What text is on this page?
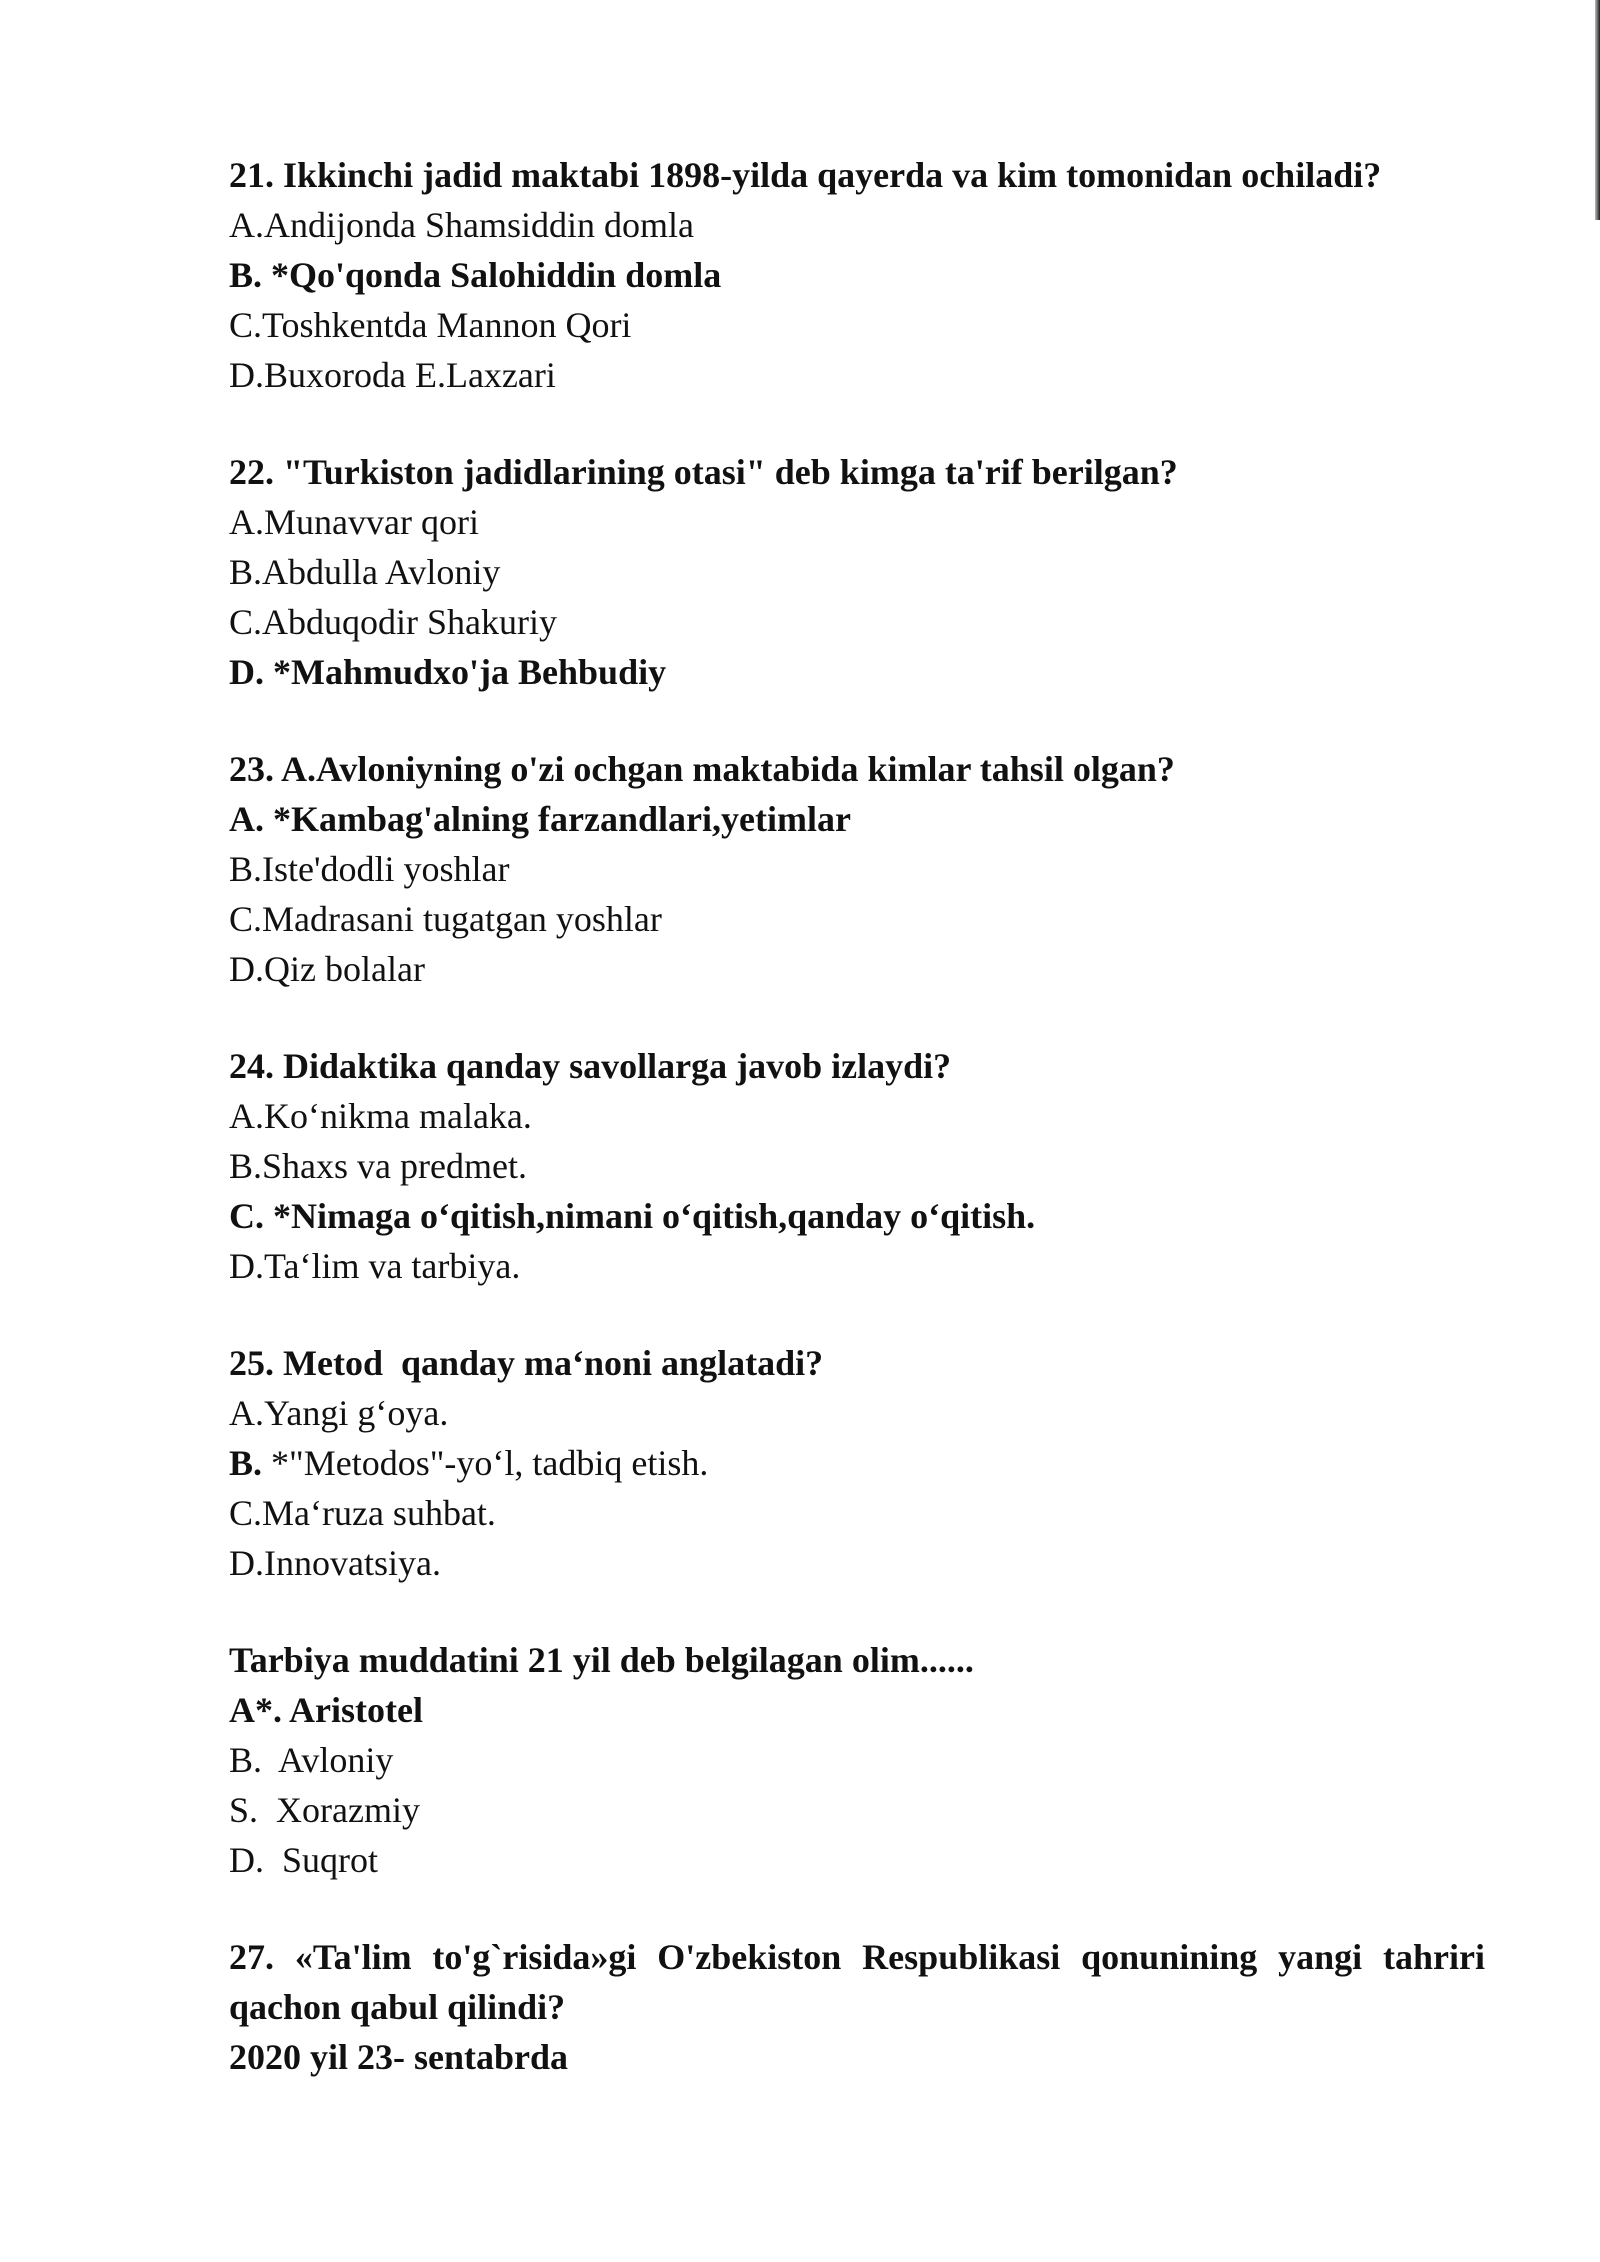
21. Ikkinchi jadid maktabi 1898-yilda qayerda va kim tomonidan ochiladi?
A.Andijonda Shamsiddin domla
B. *Qo'qonda Salohiddin domla
C.Toshkentda Mannon Qori
D.Buxoroda E.Laxzari
22. "Turkiston jadidlarining otasi" deb kimga ta'rif berilgan?
A.Munavvar qori
B.Abdulla Avloniy
C.Abduqodir Shakuriy
D. *Mahmudxo'ja Behbudiy
23. A.Avloniyning o'zi ochgan maktabida kimlar tahsil olgan?
A. *Kambag'alning farzandlari,yetimlar
B.Iste'dodli yoshlar
C.Madrasani tugatgan yoshlar
D.Qiz bolalar
24. Didaktika qanday savollarga javob izlaydi?
A.Ko‘nikma malaka.
B.Shaxs va predmet.
C. *Nimaga o‘qitish,nimani o‘qitish,qanday o‘qitish.
D.Ta‘lim va tarbiya.
25. Metod  qanday ma‘noni anglatadi?
A.Yangi g‘oya.
B. *"Metodos"-yo‘l, tadbiq etish.
C.Ma‘ruza suhbat.
D.Innovatsiya.
Tarbiya muddatini 21 yil deb belgilagan olim......
A*. Aristotel
B.  Avloniy
S.  Xorazmiy
D.  Suqrot
27. «Ta'lim to'g`risida»gi O'zbekiston Respublikasi qonunining yangi tahriri
qachon qabul qilindi?
2020 yil 23- sentabrda
